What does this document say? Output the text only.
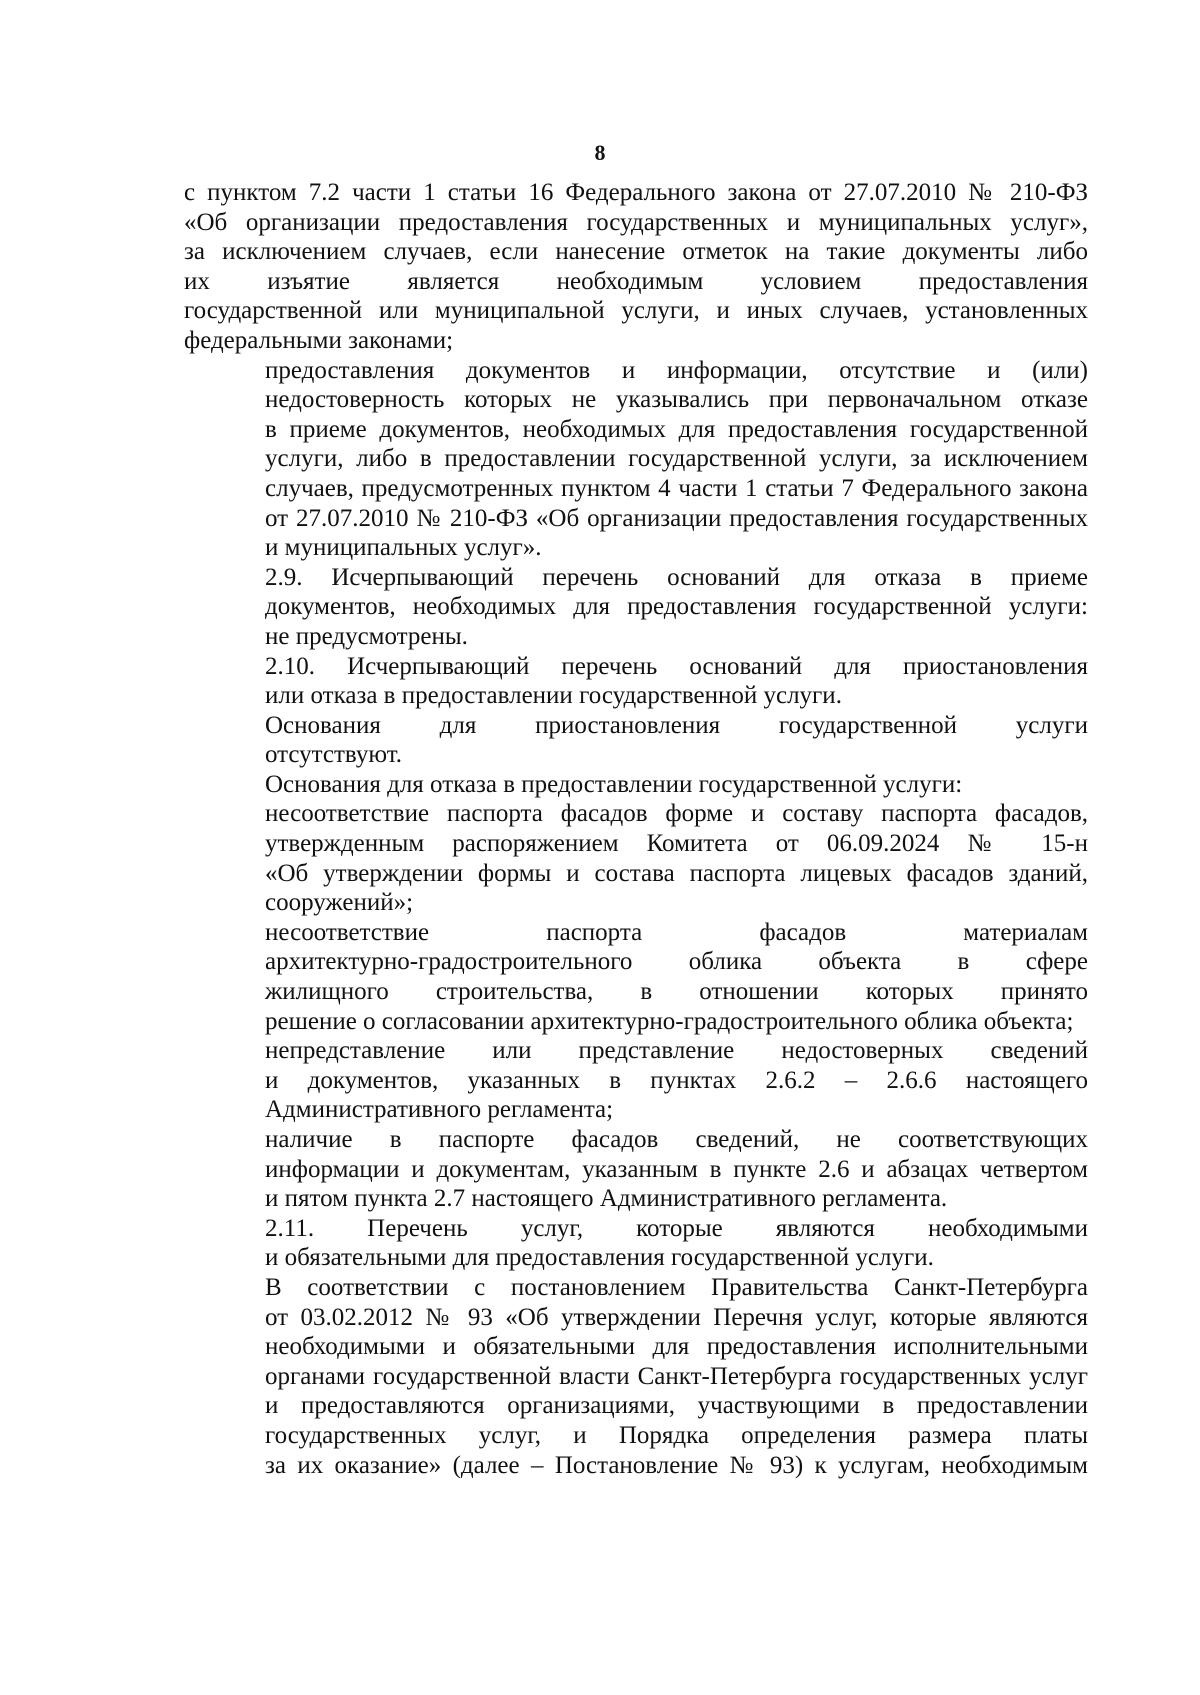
8

с пунктом 7.2 части 1 статьи 16 Федерального закона от 27.07.2010 № 210-ФЗ
«Об организации предоставления государственных и муниципальных услуг»,
за исключением случаев, если нанесение отметок на такие документы либо
их изъятие является необходимым условием предоставления
государственной или муниципальной услуги, и иных случаев, установленных
федеральными законами;

предоставления документов и информации, отсутствие и (или)
недостоверность которых не указывались при первоначальном отказе
в приеме документов, необходимых для предоставления государственной
услуги, либо в предоставлении государственной услуги, за исключением
случаев, предусмотренных пунктом 4 части 1 статьи 7 Федерального закона
от 27.07.2010 № 210-ФЗ «Об организации предоставления государственных
и муниципальных услуг».

2.9. Исчерпывающий перечень оснований для отказа в приеме
документов, необходимых для предоставления государственной услуги:
не предусмотрены.

2.10. Исчерпывающий перечень оснований для приостановления
или отказа в предоставлении государственной услуги.

Основания для приостановления государственной услуги
отсутствуют.

Основания для отказа в предоставлении государственной услуги:

несоответствие паспорта фасадов форме и составу паспорта фасадов,
утвержденным распоряжением Комитета от 06.09.2024 № 15-н
«Об утверждении формы и состава паспорта лицевых фасадов зданий,
сооружений»;

несоответствие паспорта фасадов материалам
архитектурно-градостроительного облика объекта в сфере
жилищного строительства, в отношении которых принято
решение о согласовании архитектурно-градостроительного облика объекта;

непредставление или представление недостоверных сведений
и документов, указанных в пунктах 2.6.2 – 2.6.6 настоящего
Административного регламента;

наличие в паспорте фасадов сведений, не соответствующих
информации и документам, указанным в пункте 2.6 и абзацах четвертом
и пятом пункта 2.7 настоящего Административного регламента.

2.11. Перечень услуг, которые являются необходимыми
и обязательными для предоставления государственной услуги.

В соответствии с постановлением Правительства Санкт-Петербурга
от 03.02.2012 № 93 «Об утверждении Перечня услуг, которые являются
необходимыми и обязательными для предоставления исполнительными
органами государственной власти Санкт-Петербурга государственных услуг
и предоставляются организациями, участвующими в предоставлении
государственных услуг, и Порядка определения размера платы
за их оказание» (далее – Постановление № 93) к услугам, необходимым
